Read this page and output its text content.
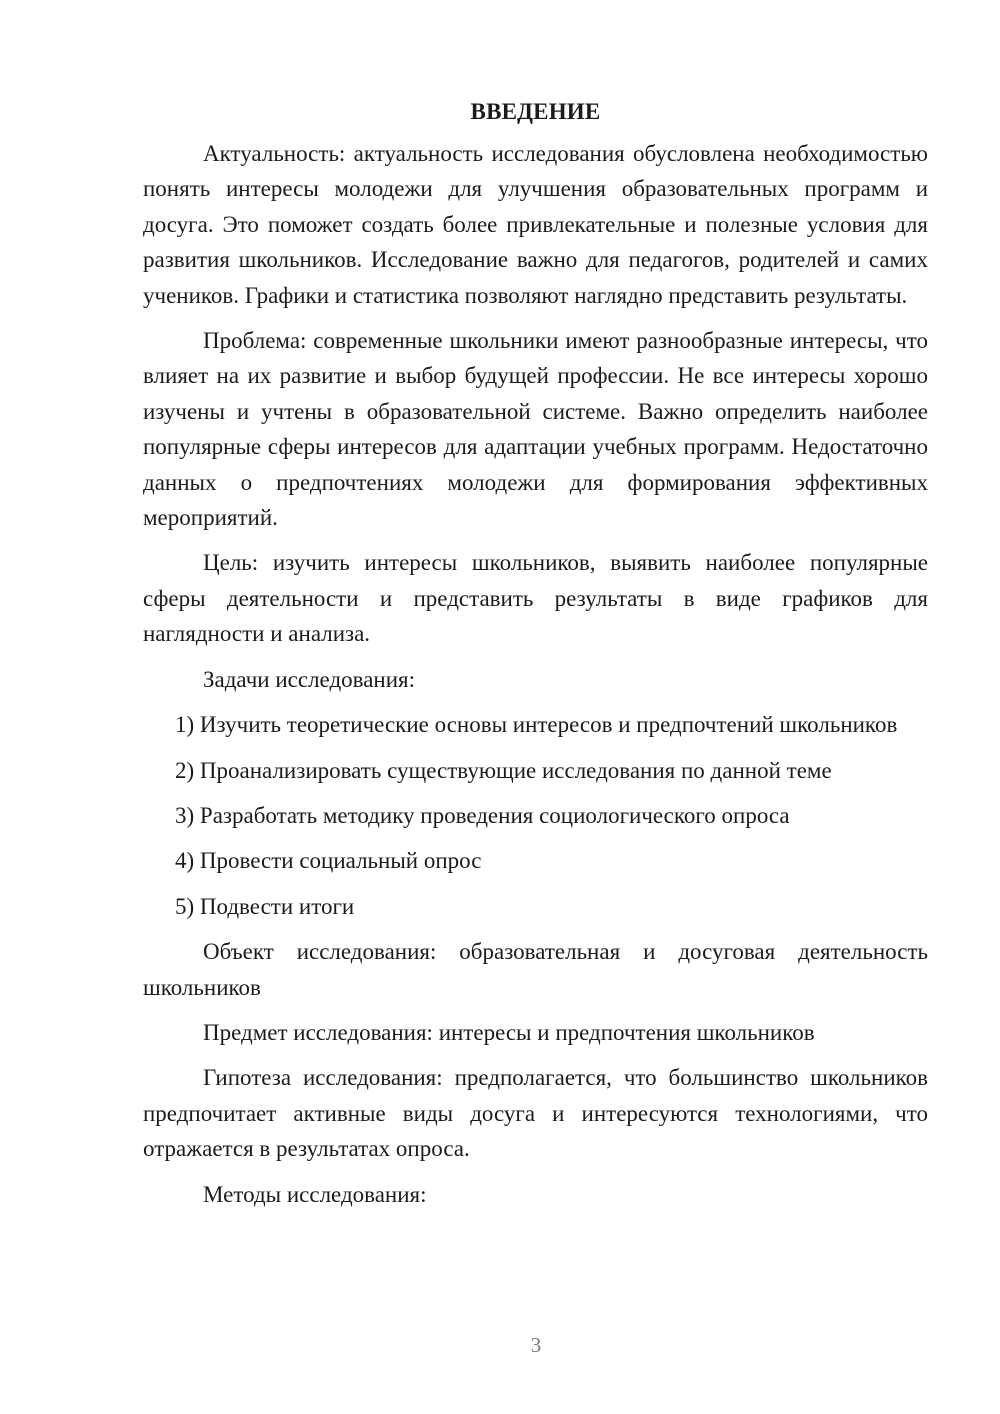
ВВЕДЕНИЕ

Актуальность: актуальность исследования обусловлена необходимостью понять интересы молодежи для улучшения образовательных программ и досуга. Это поможет создать более привлекательные и полезные условия для развития школьников. Исследование важно для педагогов, родителей и самих учеников. Графики и статистика позволяют наглядно представить результаты.

Проблема: современные школьники имеют разнообразные интересы, что влияет на их развитие и выбор будущей профессии. Не все интересы хорошо изучены и учтены в образовательной системе. Важно определить наиболее популярные сферы интересов для адаптации учебных программ. Недостаточно данных о предпочтениях молодежи для формирования эффективных мероприятий.

Цель: изучить интересы школьников, выявить наиболее популярные сферы деятельности и представить результаты в виде графиков для наглядности и анализа.

Задачи исследования:

1) Изучить теоретические основы интересов и предпочтений школьников

2) Проанализировать существующие исследования по данной теме

3) Разработать методику проведения социологического опроса

4) Провести социальный опрос

5) Подвести итоги

Объект исследования: образовательная и досуговая деятельность школьников

Предмет исследования: интересы и предпочтения школьников

Гипотеза исследования: предполагается, что большинство школьников предпочитает активные виды досуга и интересуются технологиями, что отражается в результатах опроса.

Методы исследования:

3
